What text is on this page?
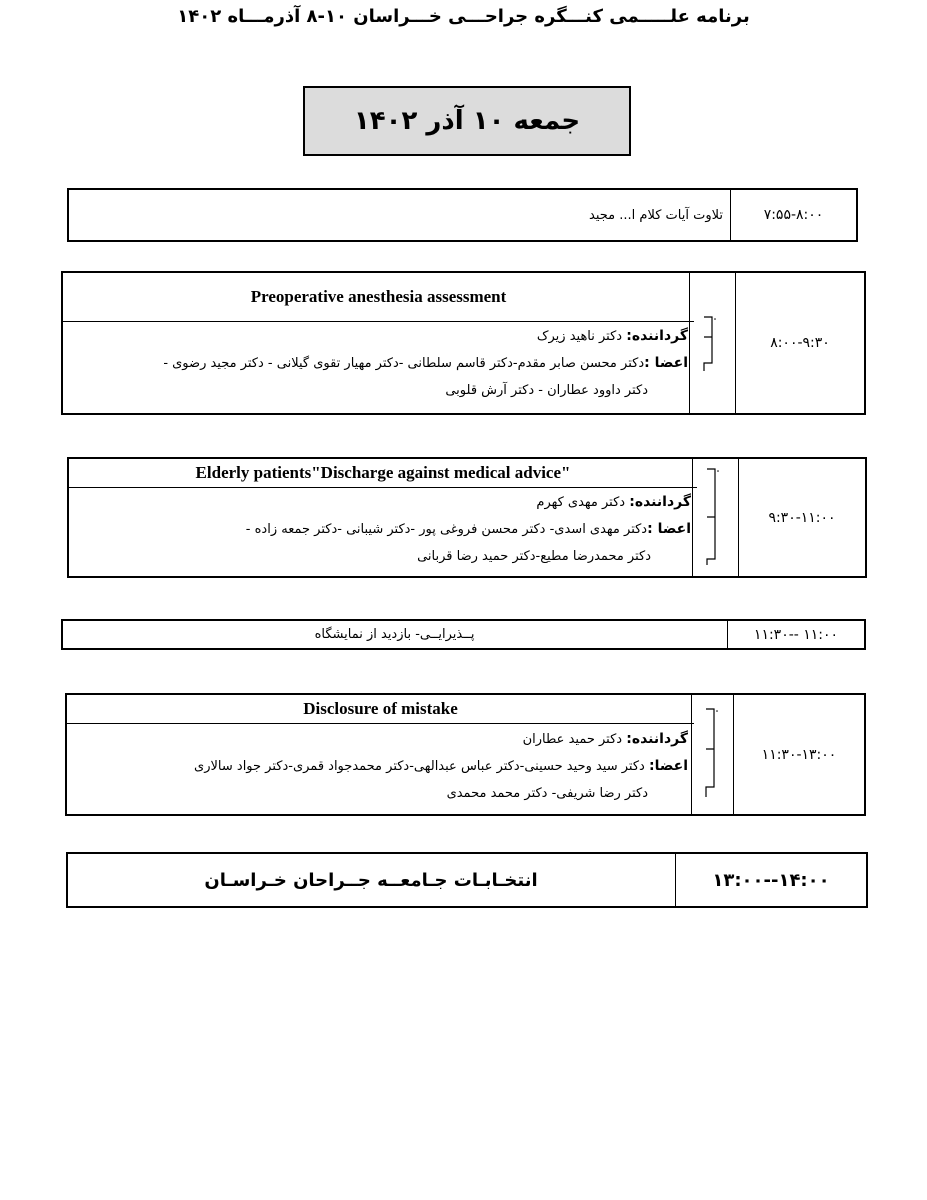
برنامه علـــــمی کنـــگره جراحـــی خـــراسان ۱۰-۸ آذرمـــاه ۱۴۰۲
جمعه ۱۰ آذر ۱۴۰۲
۷:۵۵-۸:۰۰
تلاوت آیات کلام ا... مجید
۸:۰۰-۹:۳۰
Preoperative anesthesia assessment
گرداننده: دکتر ناهید زیرک
اعضا :دکتر محسن صابر مقدم-دکتر قاسم سلطانی -دکتر مهیار تقوی گیلانی - دکتر مجید رضوی -
دکتر داوود عطاران - دکتر آرش قلوبی
۹:۳۰-۱۱:۰۰
Elderly patients"Discharge against medical advice"
گرداننده: دکتر مهدی کهرم
اعضا :دکتر مهدی اسدی- دکتر محسن فروغی پور -دکتر شیبانی -دکتر جمعه زاده -
دکتر محمدرضا مطیع-دکتر حمید رضا قربانی
۱۱:۳۰-- ۱۱:۰۰
پــذیرایــی- بازدید از نمایشگاه
۱۱:۳۰-۱۳:۰۰
Disclosure of mistake
گرداننده: دکتر حمید عطاران
اعضا: دکتر سید وحید حسینی-دکتر عباس عبدالهی-دکتر محمدجواد قمری-دکتر جواد سالاری
دکتر رضا شریفی- دکتر محمد محمدی
۱۳:۰۰--۱۴:۰۰
انتخـابـات جـامعــه جــراحان خـراسـان
